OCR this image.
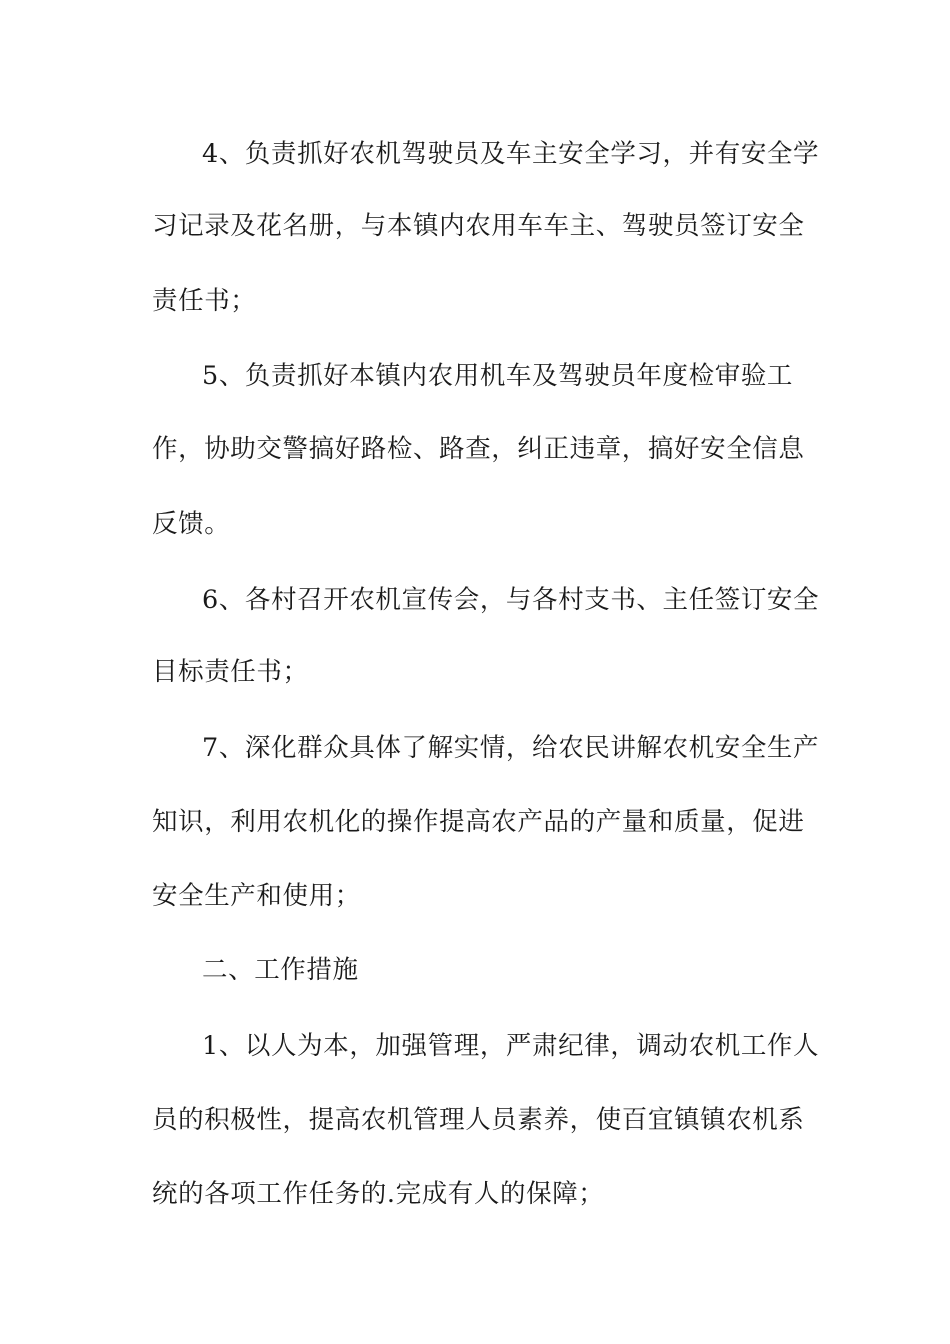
4、负责抓好农机驾驶员及车主安全学习，并有安全学
习记录及花名册，与本镇内农用车车主、驾驶员签订安全
责任书；
5、负责抓好本镇内农用机车及驾驶员年度检审验工
作，协助交警搞好路检、路查，纠正违章，搞好安全信息
反馈。
6、各村召开农机宣传会，与各村支书、主任签订安全
目标责任书；
7、深化群众具体了解实情，给农民讲解农机安全生产
知识，利用农机化的操作提高农产品的产量和质量，促进
安全生产和使用；
二、工作措施
1、以人为本，加强管理，严肃纪律，调动农机工作人
员的积极性，提高农机管理人员素养，使百宜镇镇农机系
统的各项工作任务的.完成有人的保障；
